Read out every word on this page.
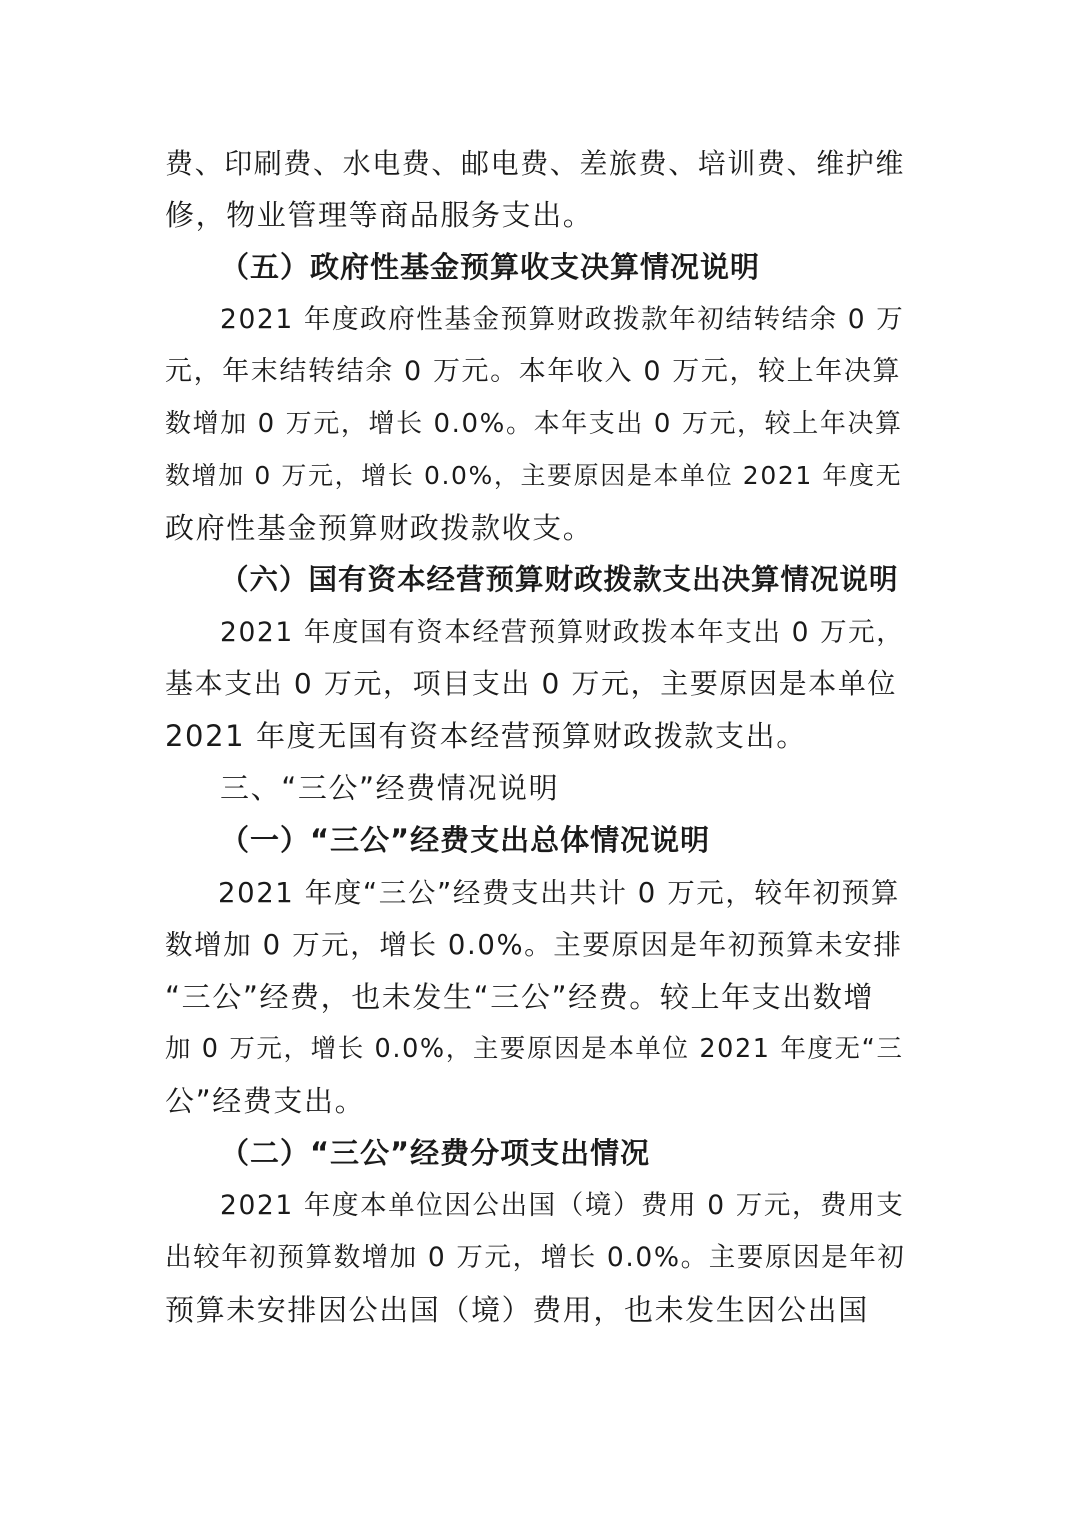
费、印刷费、水电费、邮电费、差旅费、培训费、维护维
修，物业管理等商品服务支出。
（五）政府性基金预算收支决算情况说明
2021 年度政府性基金预算财政拨款年初结转结余 0 万
元，年末结转结余 0 万元。本年收入 0 万元，较上年决算
数增加 0 万元，增长 0.0%。本年支出 0 万元，较上年决算
数增加 0 万元，增长 0.0%，主要原因是本单位 2021 年度无
政府性基金预算财政拨款收支。
（六）国有资本经营预算财政拨款支出决算情况说明
2021 年度国有资本经营预算财政拨本年支出 0 万元，
基本支出 0 万元，项目支出 0 万元，主要原因是本单位
2021 年度无国有资本经营预算财政拨款支出。
三、“三公”经费情况说明
（一）“三公”经费支出总体情况说明
2021 年度“三公”经费支出共计 0 万元，较年初预算
数增加 0 万元，增长 0.0%。主要原因是年初预算未安排
“三公”经费，也未发生“三公”经费。较上年支出数增
加 0 万元，增长 0.0%，主要原因是本单位 2021 年度无“三
公”经费支出。
（二）“三公”经费分项支出情况
2021 年度本单位因公出国（境）费用 0 万元，费用支
出较年初预算数增加 0 万元，增长 0.0%。主要原因是年初
预算未安排因公出国（境）费用，也未发生因公出国
